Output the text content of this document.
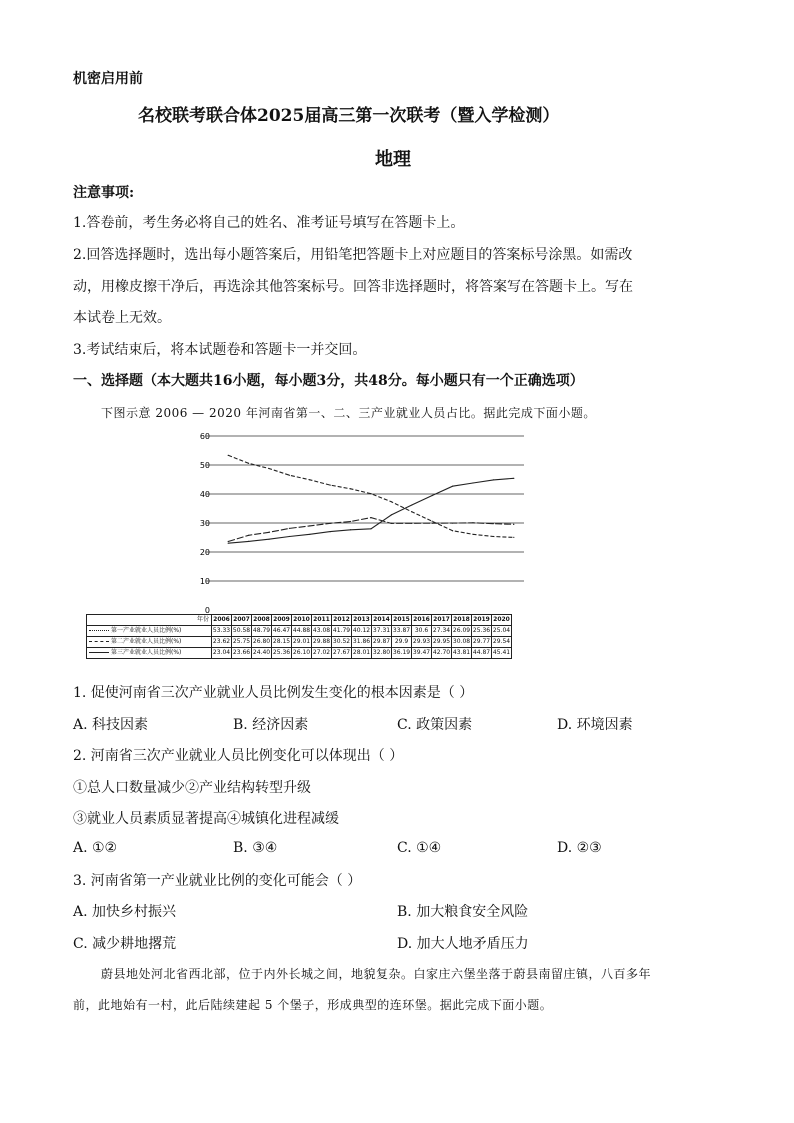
机密启用前
名校联考联合体2025届高三第一次联考（暨入学检测）
地理
注意事项:
1.答卷前，考生务必将自己的姓名、准考证号填写在答题卡上。
2.回答选择题时，选出每小题答案后，用铅笔把答题卡上对应题目的答案标号涂黑。如需改
动，用橡皮擦干净后，再选涂其他答案标号。回答非选择题时，将答案写在答题卡上。写在
本试卷上无效。
3.考试结束后，将本试题卷和答题卡一并交回。
一、选择题（本大题共16小题，每小题3分，共48分。每小题只有一个正确选项）
下图示意 2006 — 2020 年河南省第一、二、三产业就业人员占比。据此完成下面小题。
60
50
40
30
20
10
0
年份	2006	2007	2008	2009	2010	2011	2012	2013	2014	2015	2016	2017	2018	2019	2020
第一产业就业人员比例(%)	53.33	50.58	48.79	46.47	44.88	43.08	41.79	40.12	37.31	33.87	30.6	27.34	26.09	25.36	25.04
第二产业就业人员比例(%)	23.62	25.75	26.80	28.15	29.01	29.88	30.52	31.86	29.87	29.9	29.93	29.95	30.08	29.77	29.54
第三产业就业人员比例(%)	23.04	23.66	24.40	25.36	26.10	27.02	27.67	28.01	32.80	36.19	39.47	42.70	43.81	44.87	45.41
1. 促使河南省三次产业就业人员比例发生变化的根本因素是（ ）
A. 科技因素	B. 经济因素	C. 政策因素	D. 环境因素
2. 河南省三次产业就业人员比例变化可以体现出（ ）
①总人口数量减少②产业结构转型升级
③就业人员素质显著提高④城镇化进程减缓
A. ①②	B. ③④	C. ①④	D. ②③
3. 河南省第一产业就业比例的变化可能会（ ）
A. 加快乡村振兴	B. 加大粮食安全风险
C. 减少耕地撂荒	D. 加大人地矛盾压力
蔚县地处河北省西北部，位于内外长城之间，地貌复杂。白家庄六堡坐落于蔚县南留庄镇，八百多年
前，此地始有一村，此后陆续建起 5 个堡子，形成典型的连环堡。据此完成下面小题。
